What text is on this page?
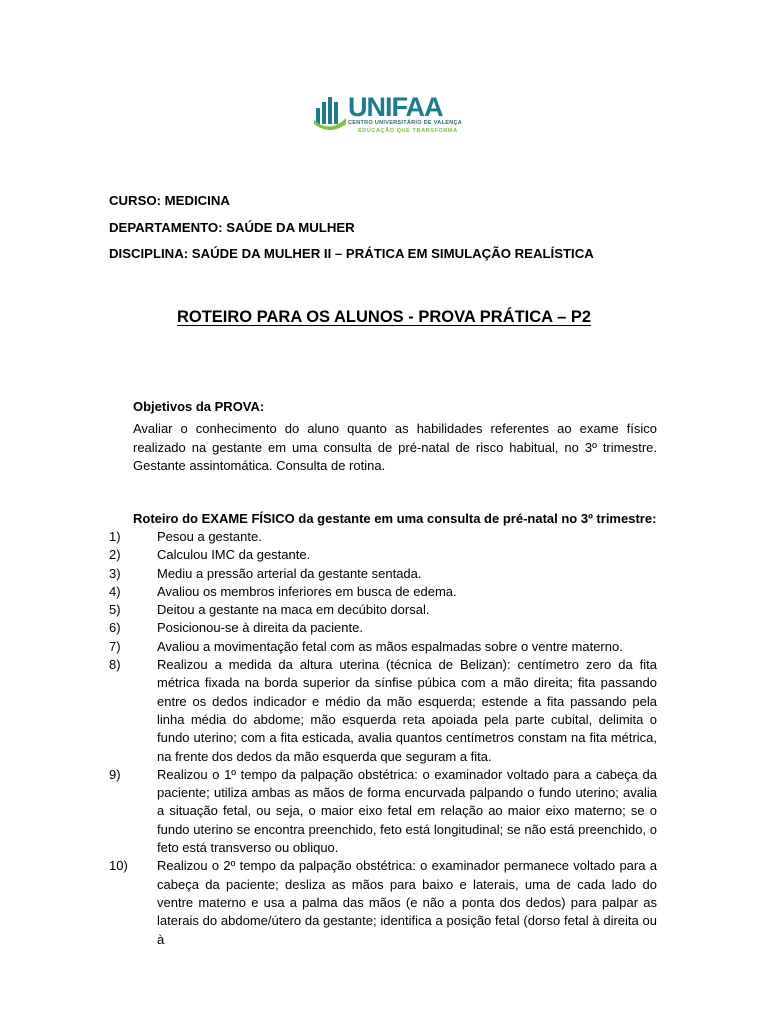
UNIFAA
CENTRO UNIVERSITÁRIO DE VALENÇA
EDUCAÇÃO QUE TRANSFORMA
CURSO: MEDICINA
DEPARTAMENTO: SAÚDE DA MULHER
DISCIPLINA: SAÚDE DA MULHER II – PRÁTICA EM SIMULAÇÃO REALÍSTICA
ROTEIRO PARA OS ALUNOS - PROVA PRÁTICA – P2
Objetivos da PROVA:

Avaliar o conhecimento do aluno quanto as habilidades referentes ao exame físico realizado na gestante em uma consulta de pré-natal de risco habitual, no 3º trimestre. Gestante assintomática. Consulta de rotina.

Roteiro do EXAME FÍSICO da gestante em uma consulta de pré-natal no 3º trimestre:
1)	Pesou a gestante.
2)	Calculou IMC da gestante.
3)	Mediu a pressão arterial da gestante sentada.
4)	Avaliou os membros inferiores em busca de edema.
5)	Deitou a gestante na maca em decúbito dorsal.
6)	Posicionou-se à direita da paciente.
7)	Avaliou a movimentação fetal com as mãos espalmadas sobre o ventre materno.
8)	Realizou a medida da altura uterina (técnica de Belizan): centímetro zero da fita métrica fixada na borda superior da sínfise púbica com a mão direita; fita passando entre os dedos indicador e médio da mão esquerda; estende a fita passando pela linha média do abdome; mão esquerda reta apoiada pela parte cubital, delimita o fundo uterino; com a fita esticada, avalia quantos centímetros constam na fita métrica, na frente dos dedos da mão esquerda que seguram a fita.
9)	Realizou o 1º tempo da palpação obstétrica: o examinador voltado para a cabeça da paciente; utiliza ambas as mãos de forma encurvada palpando o fundo uterino; avalia a situação fetal, ou seja, o maior eixo fetal em relação ao maior eixo materno; se o fundo uterino se encontra preenchido, feto está longitudinal; se não está preenchido, o feto está transverso ou obliquo.
10)	Realizou o 2º tempo da palpação obstétrica: o examinador permanece voltado para a cabeça da paciente; desliza as mãos para baixo e laterais, uma de cada lado do ventre materno e usa a palma das mãos (e não a ponta dos dedos) para palpar as laterais do abdome/útero da gestante; identifica a posição fetal (dorso fetal à direita ou à
